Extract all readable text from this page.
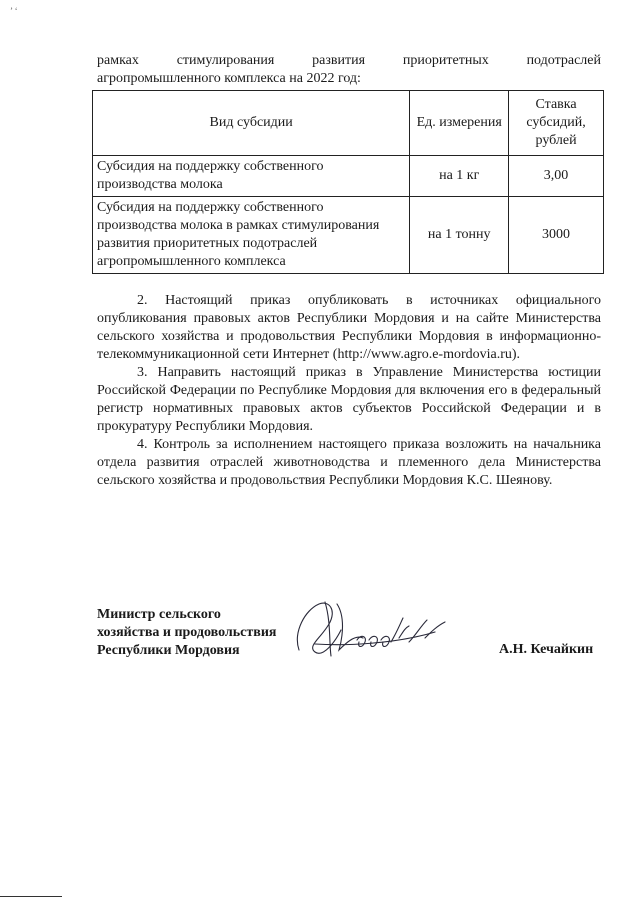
’ ‘
рамках	стимулирования	развития	приоритетных	подотраслей
агропромышленного комплекса на 2022 год:
Вид субсидии	Ед. измерения	Ставка субсидий, рублей
Субсидия на поддержку собственного производства молока	на 1 кг	3,00
Субсидия на поддержку собственного производства молока в рамках стимулирования развития приоритетных подотраслей агропромышленного комплекса	на 1 тонну	3000

2. Настоящий приказ опубликовать в источниках официального опубликования правовых актов Республики Мордовия и на сайте Министерства сельского хозяйства и продовольствия Республики Мордовия в информационно-телекоммуникационной сети Интернет (http://www.agro.e-mordovia.ru).

3. Направить настоящий приказ в Управление Министерства юстиции Российской Федерации по Республике Мордовия для включения его в федеральный регистр нормативных правовых актов субъектов Российской Федерации и в прокуратуру Республики Мордовия.

4. Контроль за исполнением настоящего приказа возложить на начальника отдела развития отраслей животноводства и племенного дела Министерства сельского хозяйства и продовольствия Республики Мордовия К.С. Шеянову.

Министр сельского
хозяйства и продовольствия
Республики Мордовия	А.Н. Кечайкин
